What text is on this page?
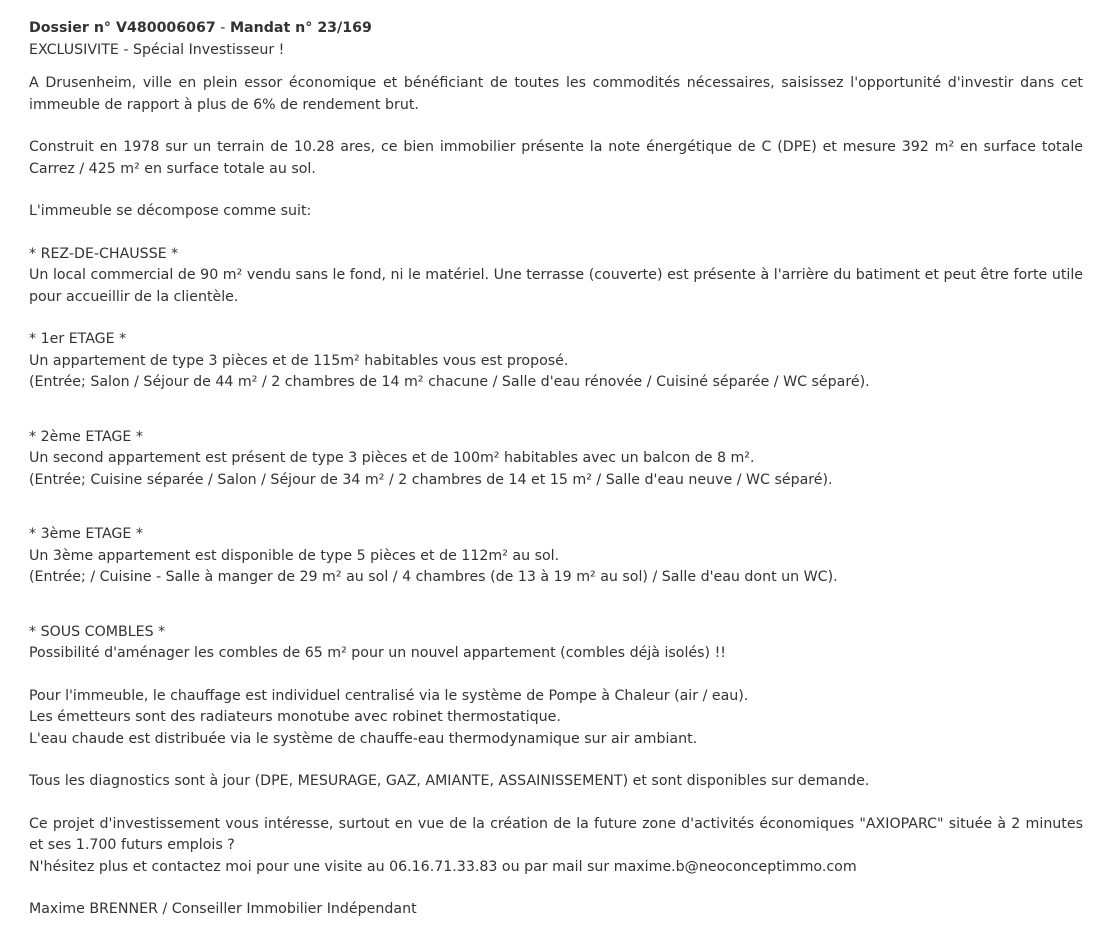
Dossier n° V480006067 - Mandat n° 23/169
EXCLUSIVITE - Spécial Investisseur !
A Drusenheim, ville en plein essor économique et bénéficiant de toutes les commodités nécessaires, saisissez l'opportunité d'investir dans cet immeuble de rapport à plus de 6% de rendement brut.
Construit en 1978 sur un terrain de 10.28 ares, ce bien immobilier présente la note énergétique de C (DPE) et mesure 392 m² en surface totale Carrez / 425 m² en surface totale au sol.
L'immeuble se décompose comme suit:
* REZ-DE-CHAUSSE *
Un local commercial de 90 m² vendu sans le fond, ni le matériel. Une terrasse (couverte) est présente à l'arrière du batiment et peut être forte utile pour accueillir de la clientèle.
* 1er ETAGE *
Un appartement de type 3 pièces et de 115m² habitables vous est proposé.
(Entrée; Salon / Séjour de 44 m² / 2 chambres de 14 m² chacune / Salle d'eau rénovée / Cuisiné séparée / WC séparé).
* 2ème ETAGE *
Un second appartement est présent de type 3 pièces et de 100m² habitables avec un balcon de 8 m².
(Entrée; Cuisine séparée / Salon / Séjour de 34 m² / 2 chambres de 14 et 15 m² / Salle d'eau neuve / WC séparé).
* 3ème ETAGE *
Un 3ème appartement est disponible de type 5 pièces et de 112m² au sol.
(Entrée; / Cuisine - Salle à manger de 29 m² au sol / 4 chambres (de 13 à 19 m² au sol) / Salle d'eau dont un WC).
* SOUS COMBLES *
Possibilité d'aménager les combles de 65 m² pour un nouvel appartement (combles déjà isolés) !!
Pour l'immeuble, le chauffage est individuel centralisé via le système de Pompe à Chaleur (air / eau).
Les émetteurs sont des radiateurs monotube avec robinet thermostatique.
L'eau chaude est distribuée via le système de chauffe-eau thermodynamique sur air ambiant.
Tous les diagnostics sont à jour (DPE, MESURAGE, GAZ, AMIANTE, ASSAINISSEMENT) et sont disponibles sur demande.
Ce projet d'investissement vous intéresse, surtout en vue de la création de la future zone d'activités économiques "AXIOPARC" située à 2 minutes et ses 1.700 futurs emplois ?
N'hésitez plus et contactez moi pour une visite au 06.16.71.33.83 ou par mail sur maxime.b@neoconceptimmo.com
Maxime BRENNER / Conseiller Immobilier Indépendant
